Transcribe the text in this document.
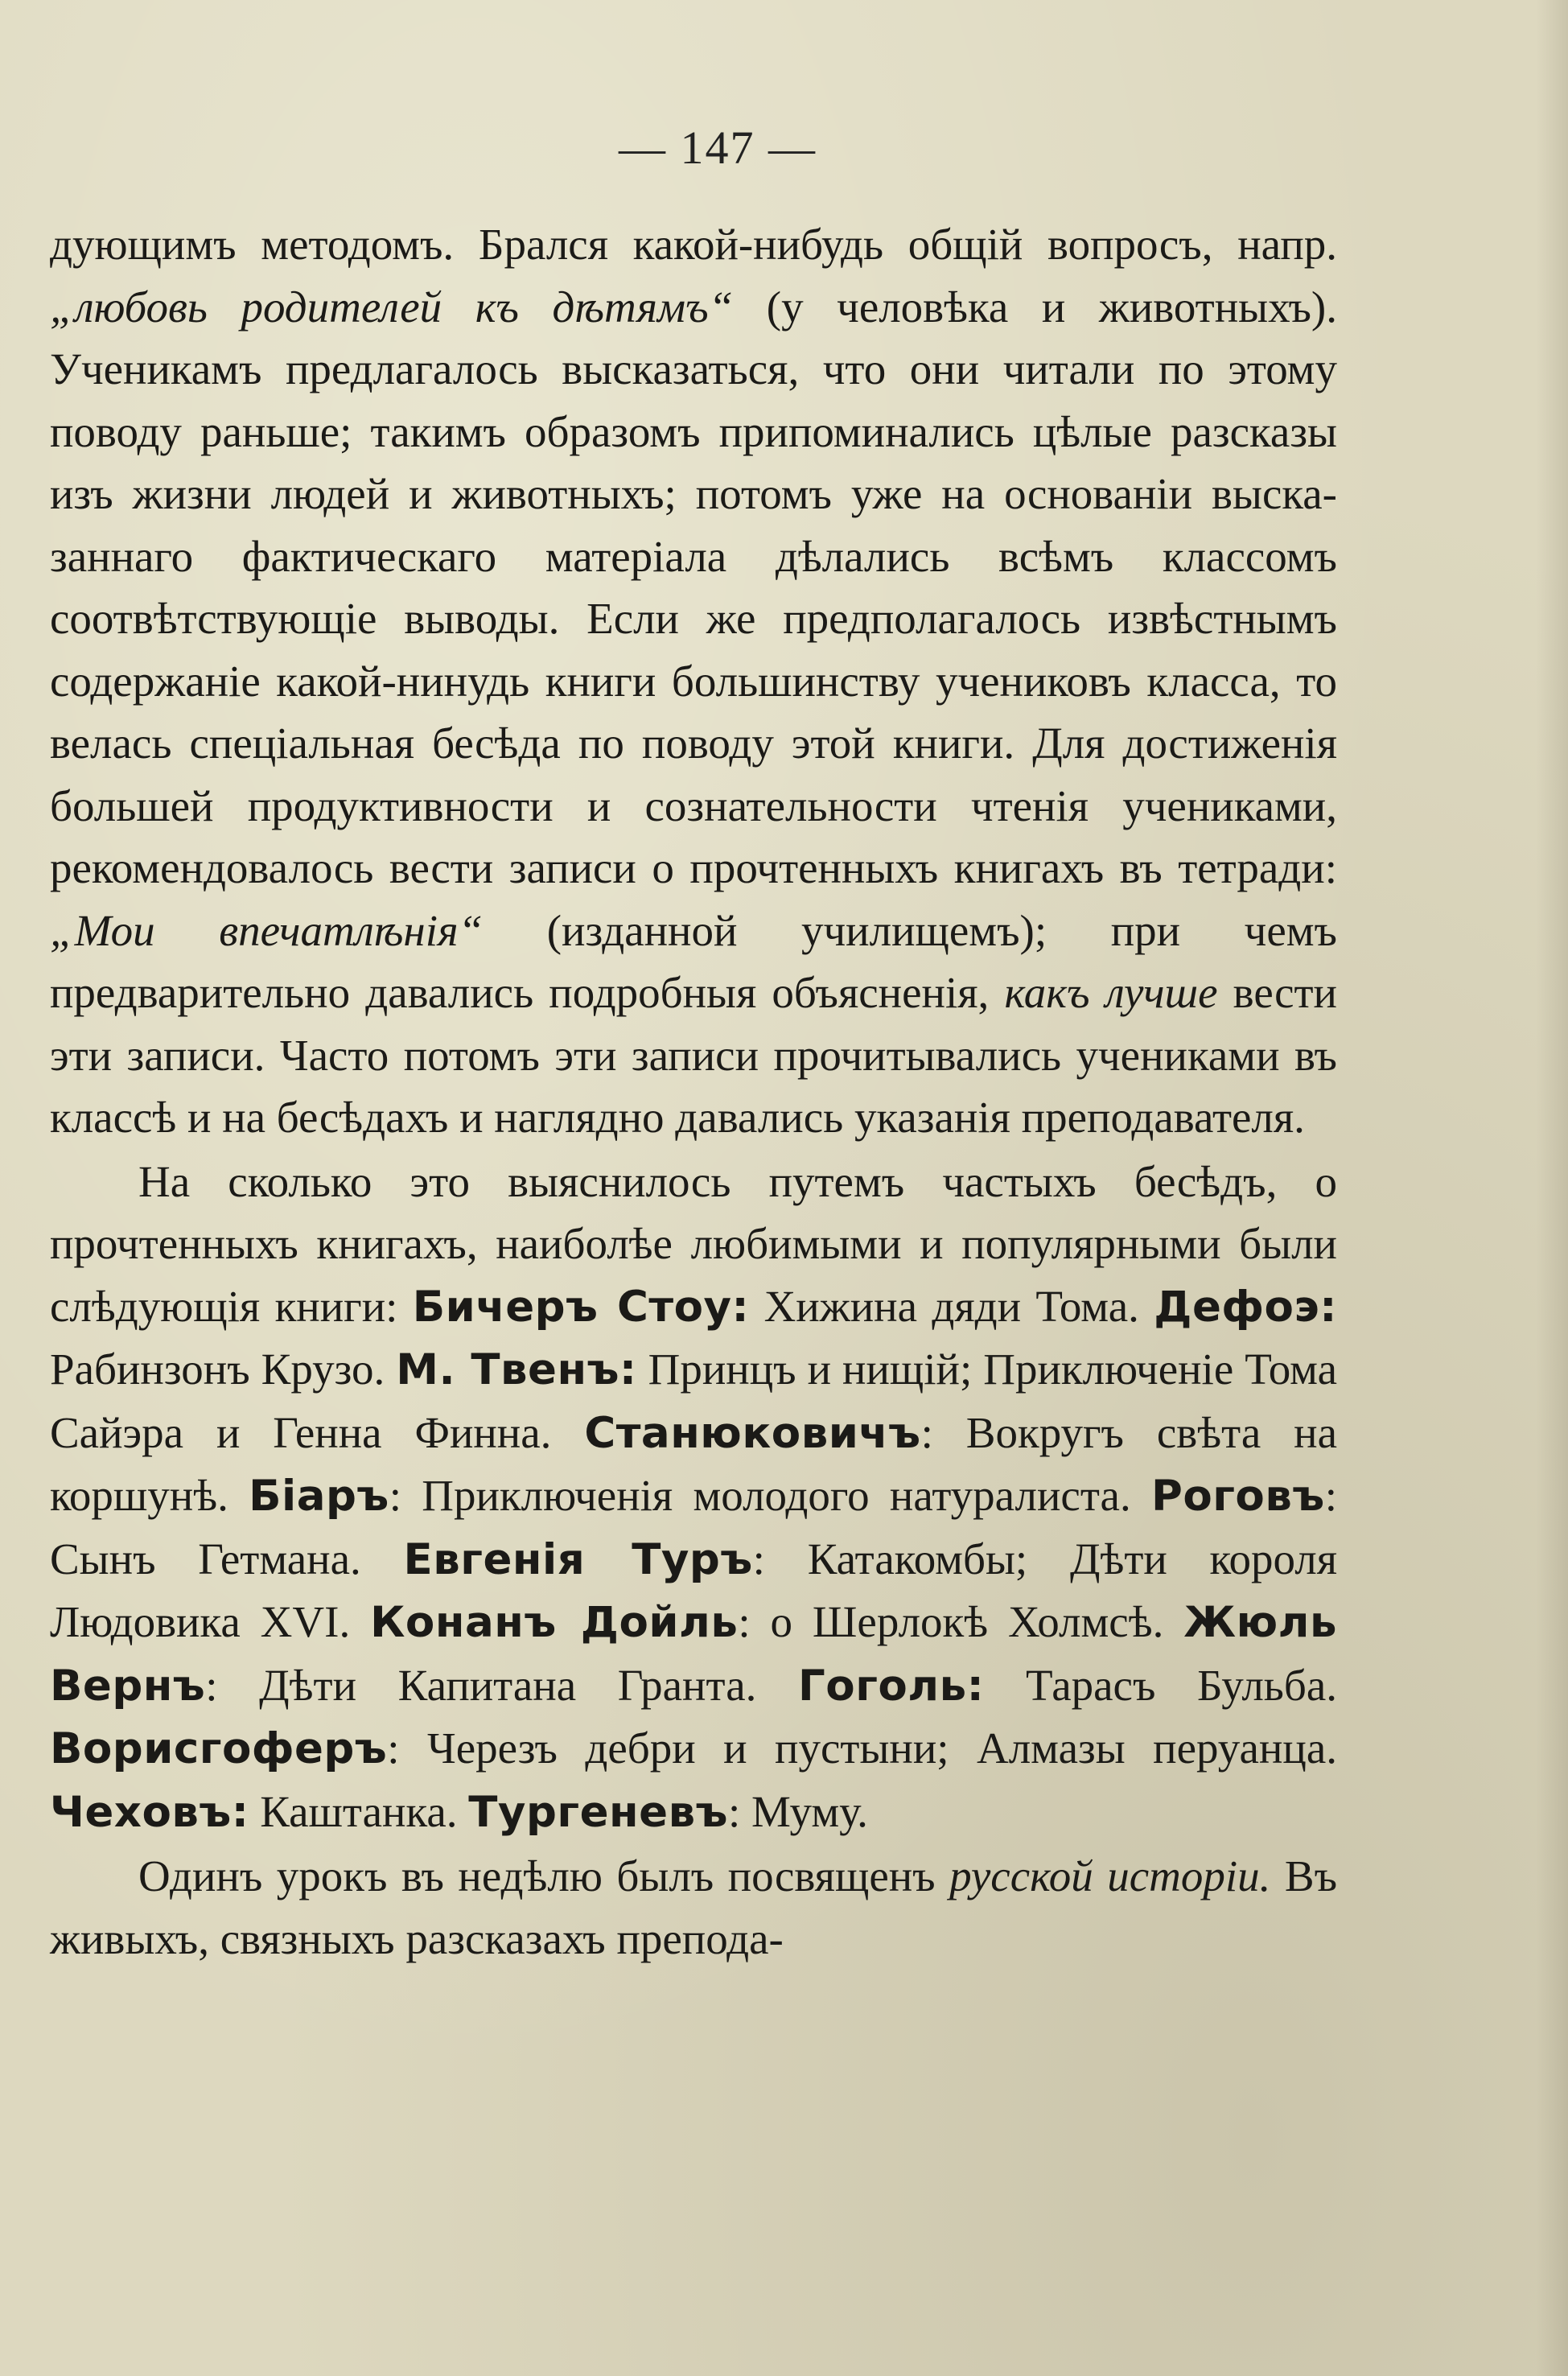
— 147 —

дующимъ методомъ. Брался какой-нибудь общій вопросъ, напр. „любовь родителей къ дѣтямъ“ (у человѣка и животныхъ). Ученикамъ предлагалось высказаться, что они читали по этому поводу раньше; такимъ образомъ припоминались цѣлые разсказы изъ жизни людей и животныхъ; потомъ уже на основаніи высказаннаго фактическаго матеріала дѣлались всѣмъ классомъ соотвѣтствующіе выводы. Если же предполагалось извѣстнымъ содержаніе какой-нинудь книги большинству учениковъ класса, то велась спеціальная бесѣда по поводу этой книги. Для достиженія большей продуктивности и сознательности чтенія учениками, рекомендовалось вести записи о прочтенныхъ книгахъ въ тетради: „Мои впечатлѣнія“ (изданной училищемъ); при чемъ предварительно давались подробныя объясненія, какъ лучше вести эти записи. Часто потомъ эти записи прочитывались учениками въ классѣ и на бесѣдахъ и наглядно давались указанія преподавателя.

На сколько это выяснилось путемъ частыхъ бесѣдъ, о прочтенныхъ книгахъ, наиболѣе любимыми и популярными были слѣдующія книги: Бичеръ Стоу: Хижина дяди Тома. Дефоэ: Рабинзонъ Крузо. М. Твенъ: Принцъ и нищій; Приключеніе Тома Сайэра и Генна Финна. Станюковичъ: Вокругъ свѣта на коршунѣ. Біаръ: Приключенія молодого натуралиста. Роговъ: Сынъ Гетмана. Евгенія Туръ: Катакомбы; Дѣти короля Людовика XVI. Конанъ Дойль: о Шерлокѣ Холмсѣ. Жюль Вернъ: Дѣти Капитана Гранта. Гоголь: Тарасъ Бульба. Ворисгоферъ: Черезъ дебри и пустыни; Алмазы перуанца. Чеховъ: Каштанка. Тургеневъ: Муму.

Одинъ урокъ въ недѣлю былъ посвященъ русской исторіи. Въ живыхъ, связныхъ разсказахъ препода-
